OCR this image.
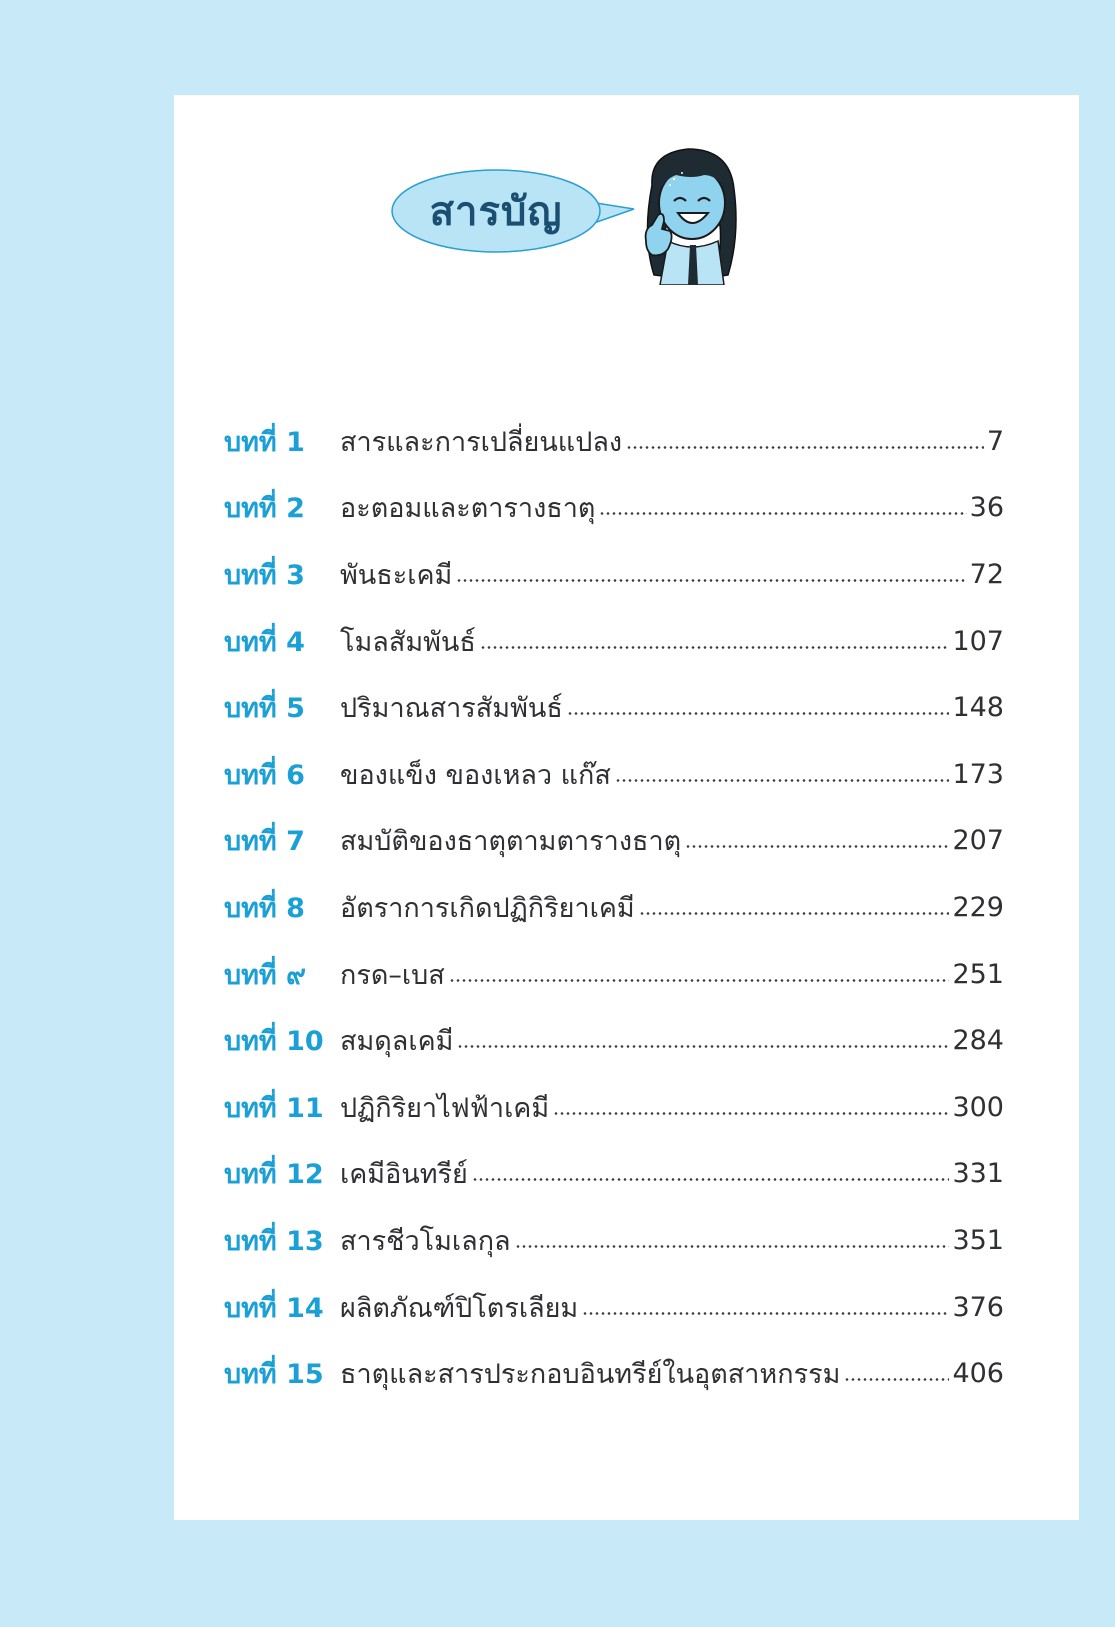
สารบัญ
บทที่ 1	สารและการเปลี่ยนแปลง	7
บทที่ 2	อะตอมและตารางธาตุ	36
บทที่ 3	พันธะเคมี	72
บทที่ 4	โมลสัมพันธ์	107
บทที่ 5	ปริมาณสารสัมพันธ์	148
บทที่ 6	ของแข็ง ของเหลว แก๊ส	173
บทที่ 7	สมบัติของธาตุตามตารางธาตุ	207
บทที่ 8	อัตราการเกิดปฏิกิริยาเคมี	229
บทที่ ๙	กรด–เบส	251
บทที่ 10 สมดุลเคมี	284
บทที่ 11 ปฏิกิริยาไฟฟ้าเคมี	300
บทที่ 12 เคมีอินทรีย์	331
บทที่ 13 สารชีวโมเลกุล	351
บทที่ 14 ผลิตภัณฑ์ปิโตรเลียม	376
บทที่ 15 ธาตุและสารประกอบอินทรีย์ในอุตสาหกรรม	406
